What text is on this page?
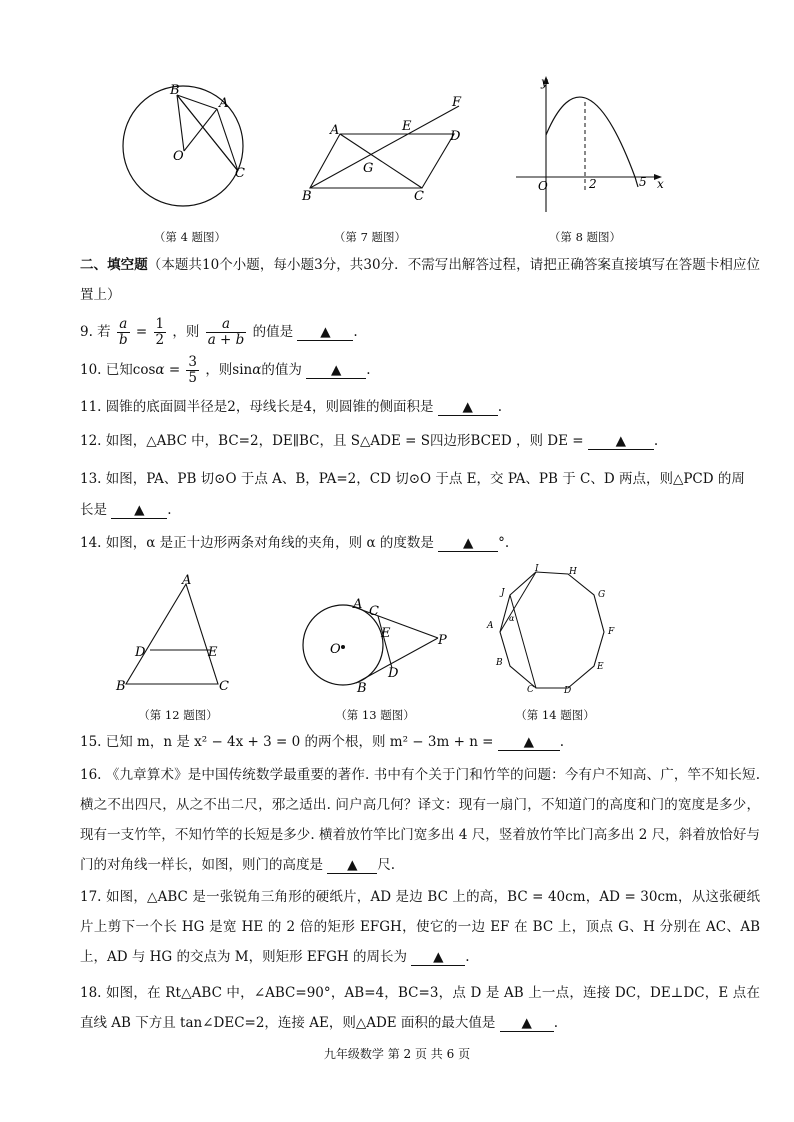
B
A
O
C
（第 4 题图）
A	E
F
D
G
B	C
（第 7 题图）
y
O	2	5 x
（第 8 题图）
二、填空题（本题共10个小题，每小题3分，共30分．不需写出解答过程，请把正确答案直接填写在答题卡相应位置上）
9. 若 $\frac{a}{b} = \frac{1}{2}$ ，则 $\frac{a}{a + b}$ 的值是 ▲ .
10. 已知$\cos\alpha = \frac{3}{5}$ ，则sinα的值为 ▲ .
11. 圆锥的底面圆半径是2，母线长是4，则圆锥的侧面积是 ▲ .
12. 如图，△ABC 中，BC=2，DE∥BC，且 S△ADE = S四边形BCED ，则 DE = ▲ .
13. 如图，PA、PB 切⊙O 于点 A、B，PA=2，CD 切⊙O 于点 E，交 PA、PB 于 C、D 两点，则△PCD 的周
长是 ▲ .
14. 如图，α 是正十边形两条对角线的夹角，则 α 的度数是 ▲ °.
A
D	E
B	C
（第 12 题图）
A C
O
E	P
D
B
（第 13 题图）
J
I	H
G
A
α
F
B	E
C	D
（第 14 题图）
15. 已知 m，n 是 x² − 4x + 3 = 0 的两个根，则 m² − 3m + n = ▲ .
16. 《九章算术》是中国传统数学最重要的著作. 书中有个关于门和竹竿的问题：今有户不知高、广，竿不知长短. 横之不出四尺，从之不出二尺，邪之适出. 问户高几何？译文：现有一扇门，不知道门的高度和门的宽度是多少，现有一支竹竿，不知竹竿的长短是多少. 横着放竹竿比门宽多出 4 尺，竖着放竹竿比门高多出 2 尺，斜着放恰好与门的对角线一样长，如图，则门的高度是 ▲ 尺.
17. 如图，△ABC 是一张锐角三角形的硬纸片，AD 是边 BC 上的高，BC = 40cm，AD = 30cm，从这张硬纸片上剪下一个长 HG 是宽 HE 的 2 倍的矩形 EFGH，使它的一边 EF 在 BC 上，顶点 G、H 分别在 AC、AB 上，AD 与 HG 的交点为 M，则矩形 EFGH 的周长为 ▲ .
18. 如图，在 Rt△ABC 中，∠ABC=90°，AB=4，BC=3，点 D 是 AB 上一点，连接 DC，DE⊥DC，E 点在直线 AB 下方且 tan∠DEC=2，连接 AE，则△ADE 面积的最大值是 ▲ .
九年级数学 第 2 页 共 6 页
